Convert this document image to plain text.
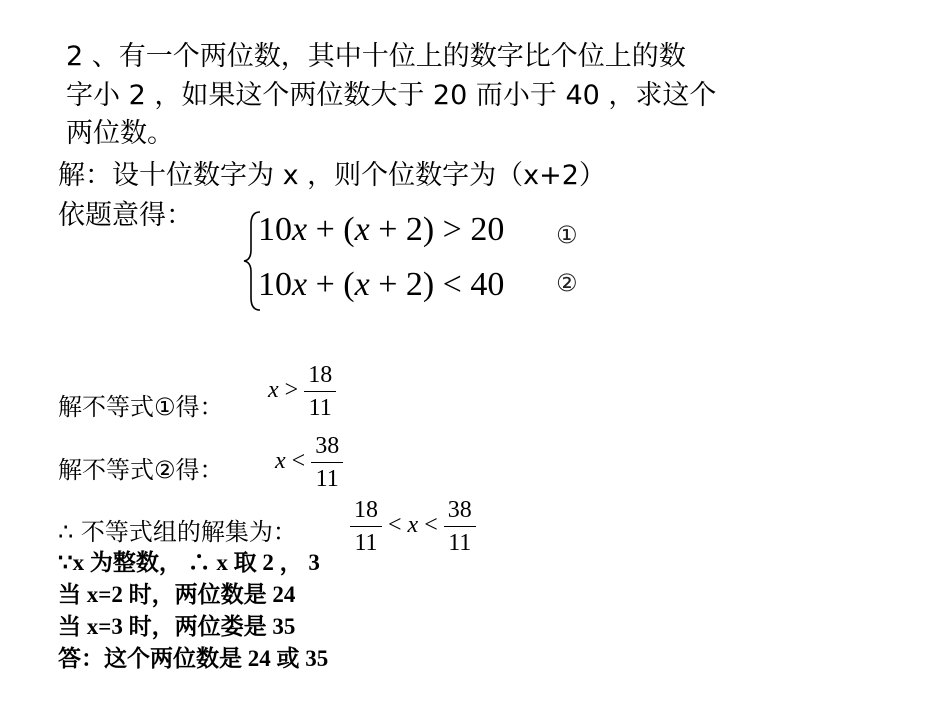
2 、有一个两位数，其中十位上的数字比个位上的数
字小 2 ，如果这个两位数大于 20 而小于 40 ，求这个
两位数。
解：设十位数字为 x ，则个位数字为（x+2）
依题意得： 10x + (x + 2) > 20 ①
10x + (x + 2) < 40 ②
解不等式①得：
$x > \frac{18}{11}$
解不等式②得： $x < \frac{38}{11}$
∴ 不等式组的解集为： $\frac{18}{11} < x < \frac{38}{11}$
∵x 为整数， ∴ x 取 2 ， 3
当 x=2 时，两位数是 24
当 x=3 时，两位娄是 35
答：这个两位数是 24 或 35
